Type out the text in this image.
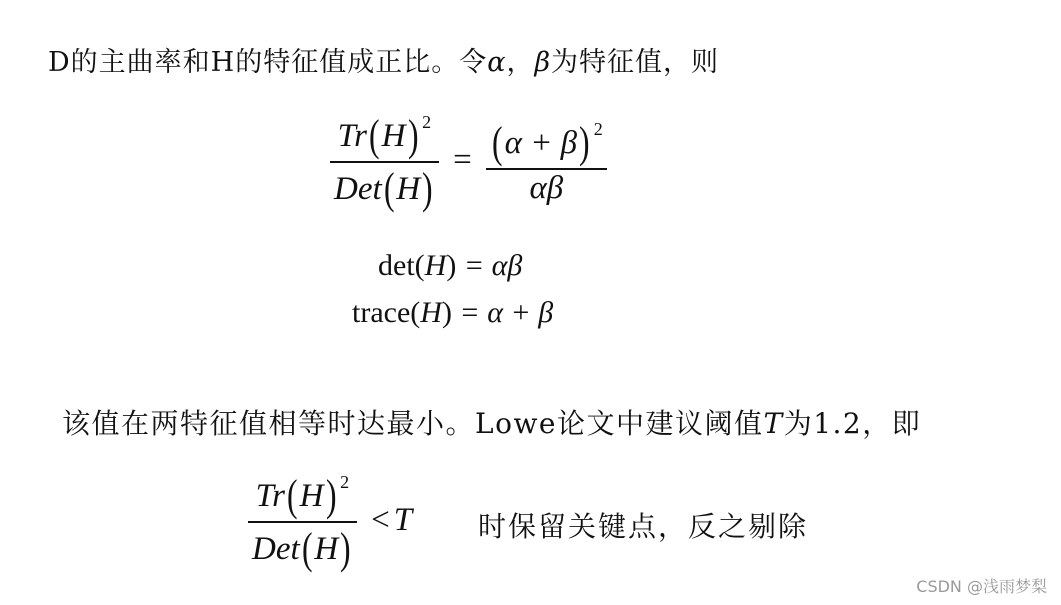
D的主曲率和H的特征值成正比。令α，β为特征值，则
$\frac{Tr(H) ^2}{\text{Det(H)}} = \frac{(\alpha + \beta) ^2}{\alpha\beta}$
det(H) = αβ
trace(H) = α + β
该值在两特征值相等时达最小。Lowe论文中建议阈值T为1.2，即
$\frac{Tr(H) ^2}{\text{Det(H)}} < T$ 时保留关键点，反之剔除
CSDN @浅雨梦梨
